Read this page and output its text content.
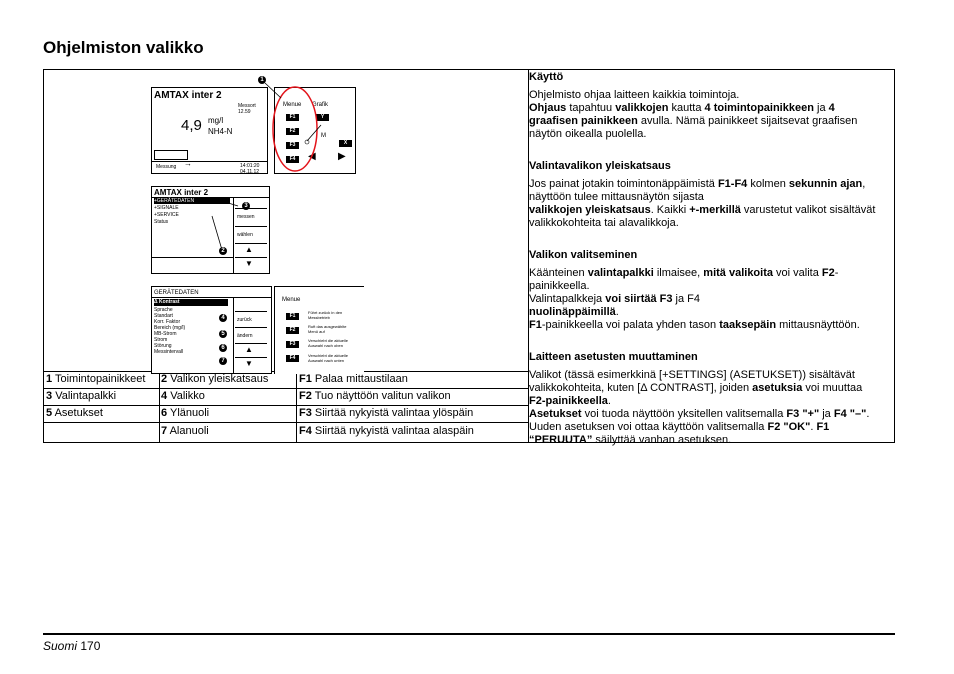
Ohjelmiston valikko
AMTAX inter 2
Messort
12.59
4,9 mg/l
NH4-N
Messung →	14:01:20
04.11.12
Menue Grafik
F1
F2
F3
F4
Y
M
X
◀ ▶
1
AMTAX inter 2
+GERÄTEDATEN
+SIGNALE
+SERVICE
Status
messen
wählen
▲
▼
3
2
GERÄTEDATEN
Δ Kontrast
Sprache
Standart
Korr. Faktor
Bereich (mg/l)
MB-Strom
Strom
Störung
Messintervall
zurück
ändern
▲
▼
4
5
6
7
Menue
F1
F2
F3
F4
Führt zurück in den Messbetrieb
Ruft das ausgewählte Menü auf
Verschiebt die aktuelle Auswahl nach oben
Verschiebt die aktuelle Auswahl nach unten
1 Toimintopainikkeet 2 Valikon yleiskatsaus	F1 Palaa mittaustilaan
3 Valintapalkki	4 Valikko	F2 Tuo näyttöön valitun valikon
5 Asetukset	6 Ylänuoli	F3 Siirtää nykyistä valintaa ylöspäin
7 Alanuoli	F4 Siirtää nykyistä valintaa alaspäin

Käyttö

Ohjelmisto ohjaa laitteen kaikkia toimintoja.

Ohjaus tapahtuu valikkojen kautta 4 toimintopainikkeen ja 4

graafisen painikkeen avulla. Nämä painikkeet sijaitsevat graafisen

näytön oikealla puolella.

Valintavalikon yleiskatsaus

Jos painat jotakin toimintonäppäimistä F1-F4 kolmen sekunnin ajan,

näyttöön tulee mittausnäytön sijasta

valikkojen yleiskatsaus. Kaikki +-merkillä varustetut valikot sisältävät

valikkokohteita tai alavalikkoja.

Valikon valitseminen

Käänteinen valintapalkki ilmaisee, mitä valikoita voi valita F2-

painikkeella.

Valintapalkkeja voi siirtää F3 ja F4

nuolinäppäimillä.

F1-painikkeella voi palata yhden tason taaksepäin mittausnäyttöön.

Laitteen asetusten muuttaminen

Valikot (tässä esimerkkinä [+SETTINGS] (ASETUKSET)) sisältävät

valikkokohteita, kuten [Δ CONTRAST], joiden asetuksia voi muuttaa

F2-painikkeella.

Asetukset voi tuoda näyttöön yksitellen valitsemalla F3 "+" ja F4 "–".

Uuden asetuksen voi ottaa käyttöön valitsemalla F2 "OK". F1

“PERUUTA” säilyttää vanhan asetuksen.

Suomi 170
